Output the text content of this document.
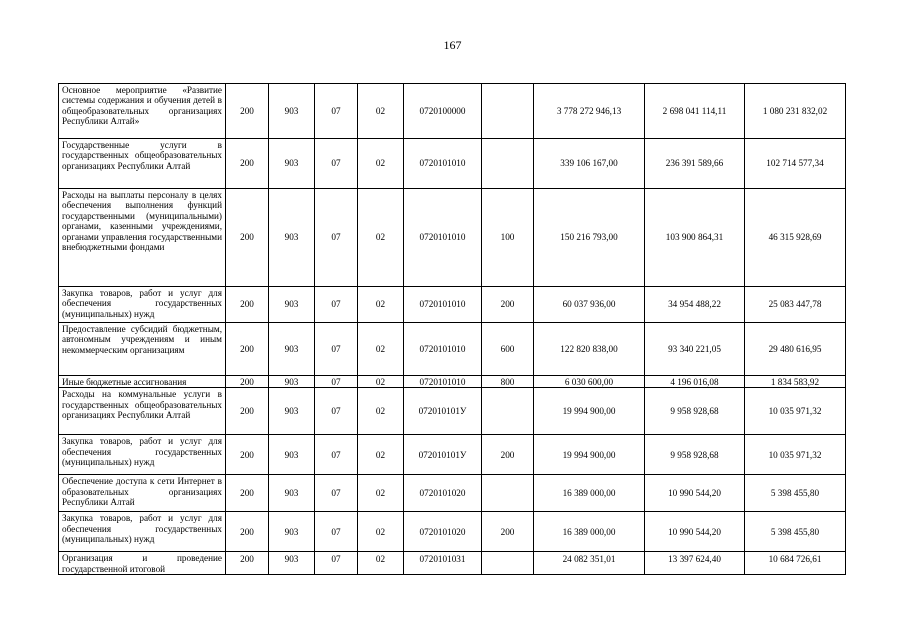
167
Основное мероприятие «Развитие системы содержания и обучения детей в общеобразовательных организациях Республики Алтай»	200	903	07	02	0720100000		3 778 272 946,13	2 698 041 114,11	1 080 231 832,02
Государственные услуги в государственных общеобразовательных организациях Республики Алтай	200	903	07	02	0720101010		339 106 167,00	236 391 589,66	102 714 577,34
Расходы на выплаты персоналу в целях обеспечения выполнения функций государственными (муниципальными) органами, казенными учреждениями, органами управления государственными внебюджетными фондами	200	903	07	02	0720101010	100	150 216 793,00	103 900 864,31	46 315 928,69
Закупка товаров, работ и услуг для обеспечения государственных (муниципальных) нужд	200	903	07	02	0720101010	200	60 037 936,00	34 954 488,22	25 083 447,78
Предоставление субсидий бюджетным, автономным учреждениям и иным некоммерческим организациям	200	903	07	02	0720101010	600	122 820 838,00	93 340 221,05	29 480 616,95
Иные бюджетные ассигнования	200	903	07	02	0720101010	800	6 030 600,00	4 196 016,08	1 834 583,92
Расходы на коммунальные услуги в государственных общеобразовательных организациях Республики Алтай	200	903	07	02	072010101У		19 994 900,00	9 958 928,68	10 035 971,32
Закупка товаров, работ и услуг для обеспечения государственных (муниципальных) нужд	200	903	07	02	072010101У	200	19 994 900,00	9 958 928,68	10 035 971,32
Обеспечение доступа к сети Интернет в образовательных организациях Республики Алтай	200	903	07	02	0720101020		16 389 000,00	10 990 544,20	5 398 455,80
Закупка товаров, работ и услуг для обеспечения государственных (муниципальных) нужд	200	903	07	02	0720101020	200	16 389 000,00	10 990 544,20	5 398 455,80
Организация и проведение государственной итоговой	200	903	07	02	0720101031		24 082 351,01	13 397 624,40	10 684 726,61
